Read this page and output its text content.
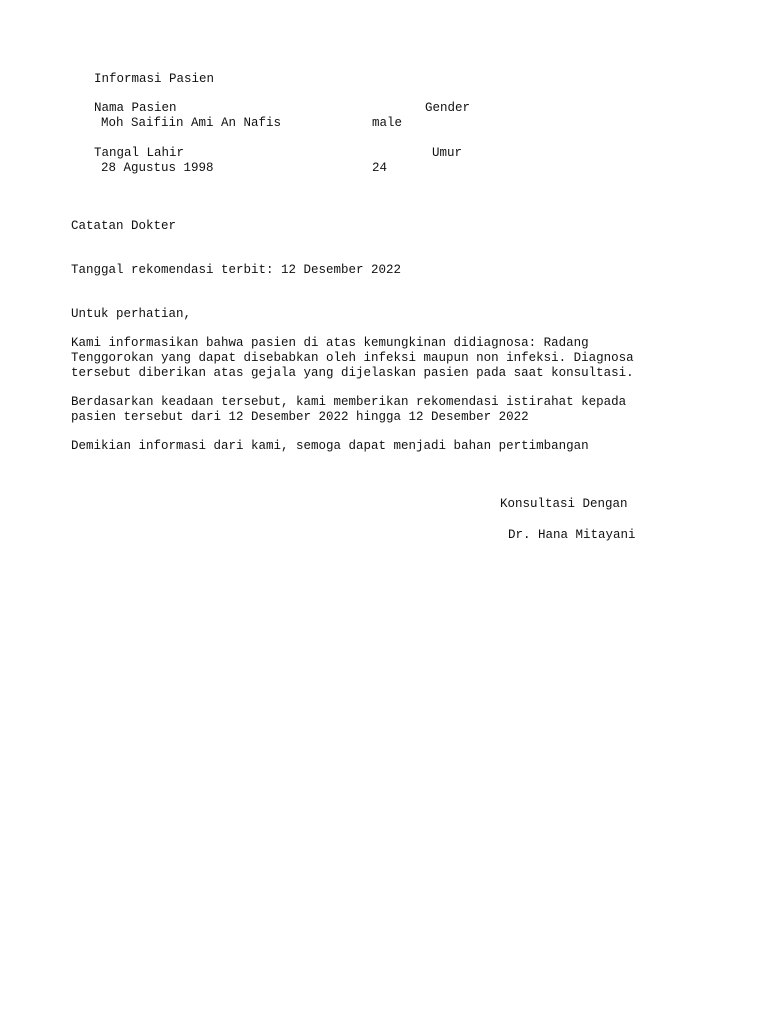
Informasi Pasien
Nama Pasien	Gender
Moh Saifiin Ami An Nafis	male
Tangal Lahir	Umur
28 Agustus 1998	24
Catatan Dokter
Tanggal rekomendasi terbit: 12 Desember 2022
Untuk perhatian,
Kami informasikan bahwa pasien di atas kemungkinan didiagnosa: Radang
Tenggorokan yang dapat disebabkan oleh infeksi maupun non infeksi. Diagnosa
tersebut diberikan atas gejala yang dijelaskan pasien pada saat konsultasi.
Berdasarkan keadaan tersebut, kami memberikan rekomendasi istirahat kepada
pasien tersebut dari 12 Desember 2022 hingga 12 Desember 2022
Demikian informasi dari kami, semoga dapat menjadi bahan pertimbangan
Konsultasi Dengan
Dr. Hana Mitayani
